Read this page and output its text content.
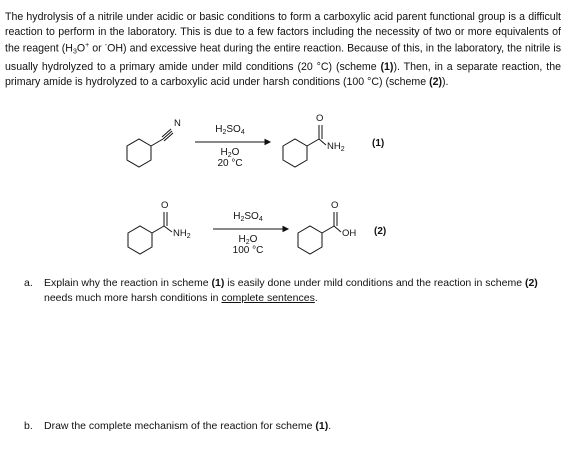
The hydrolysis of a nitrile under acidic or basic conditions to form a carboxylic acid parent functional group is a difficult reaction to perform in the laboratory. This is due to a few factors including the necessity of two or more equivalents of the reagent ($H_3O^+$ or -OH) and excessive heat during the entire reaction. Because of this, in the laboratory, the nitrile is usually hydrolyzed to a primary amide under mild conditions (20 °C) (scheme (1)). Then, in a separate reaction, the primary amide is hydrolyzed to a carboxylic acid under harsh conditions (100 °C) (scheme (2)).

N	O
$NH_2$
(1)
$H_2SO_4$
$H_2O$
20 °C
O
$NH_2$
O
OH (2)
$H_2SO_4$
$H_2O$
100 °C
a. Explain why the reaction in scheme (1) is easily done under mild conditions and the reaction in scheme (2) needs much more harsh conditions in complete sentences.
b. Draw the complete mechanism of the reaction for scheme (1).
